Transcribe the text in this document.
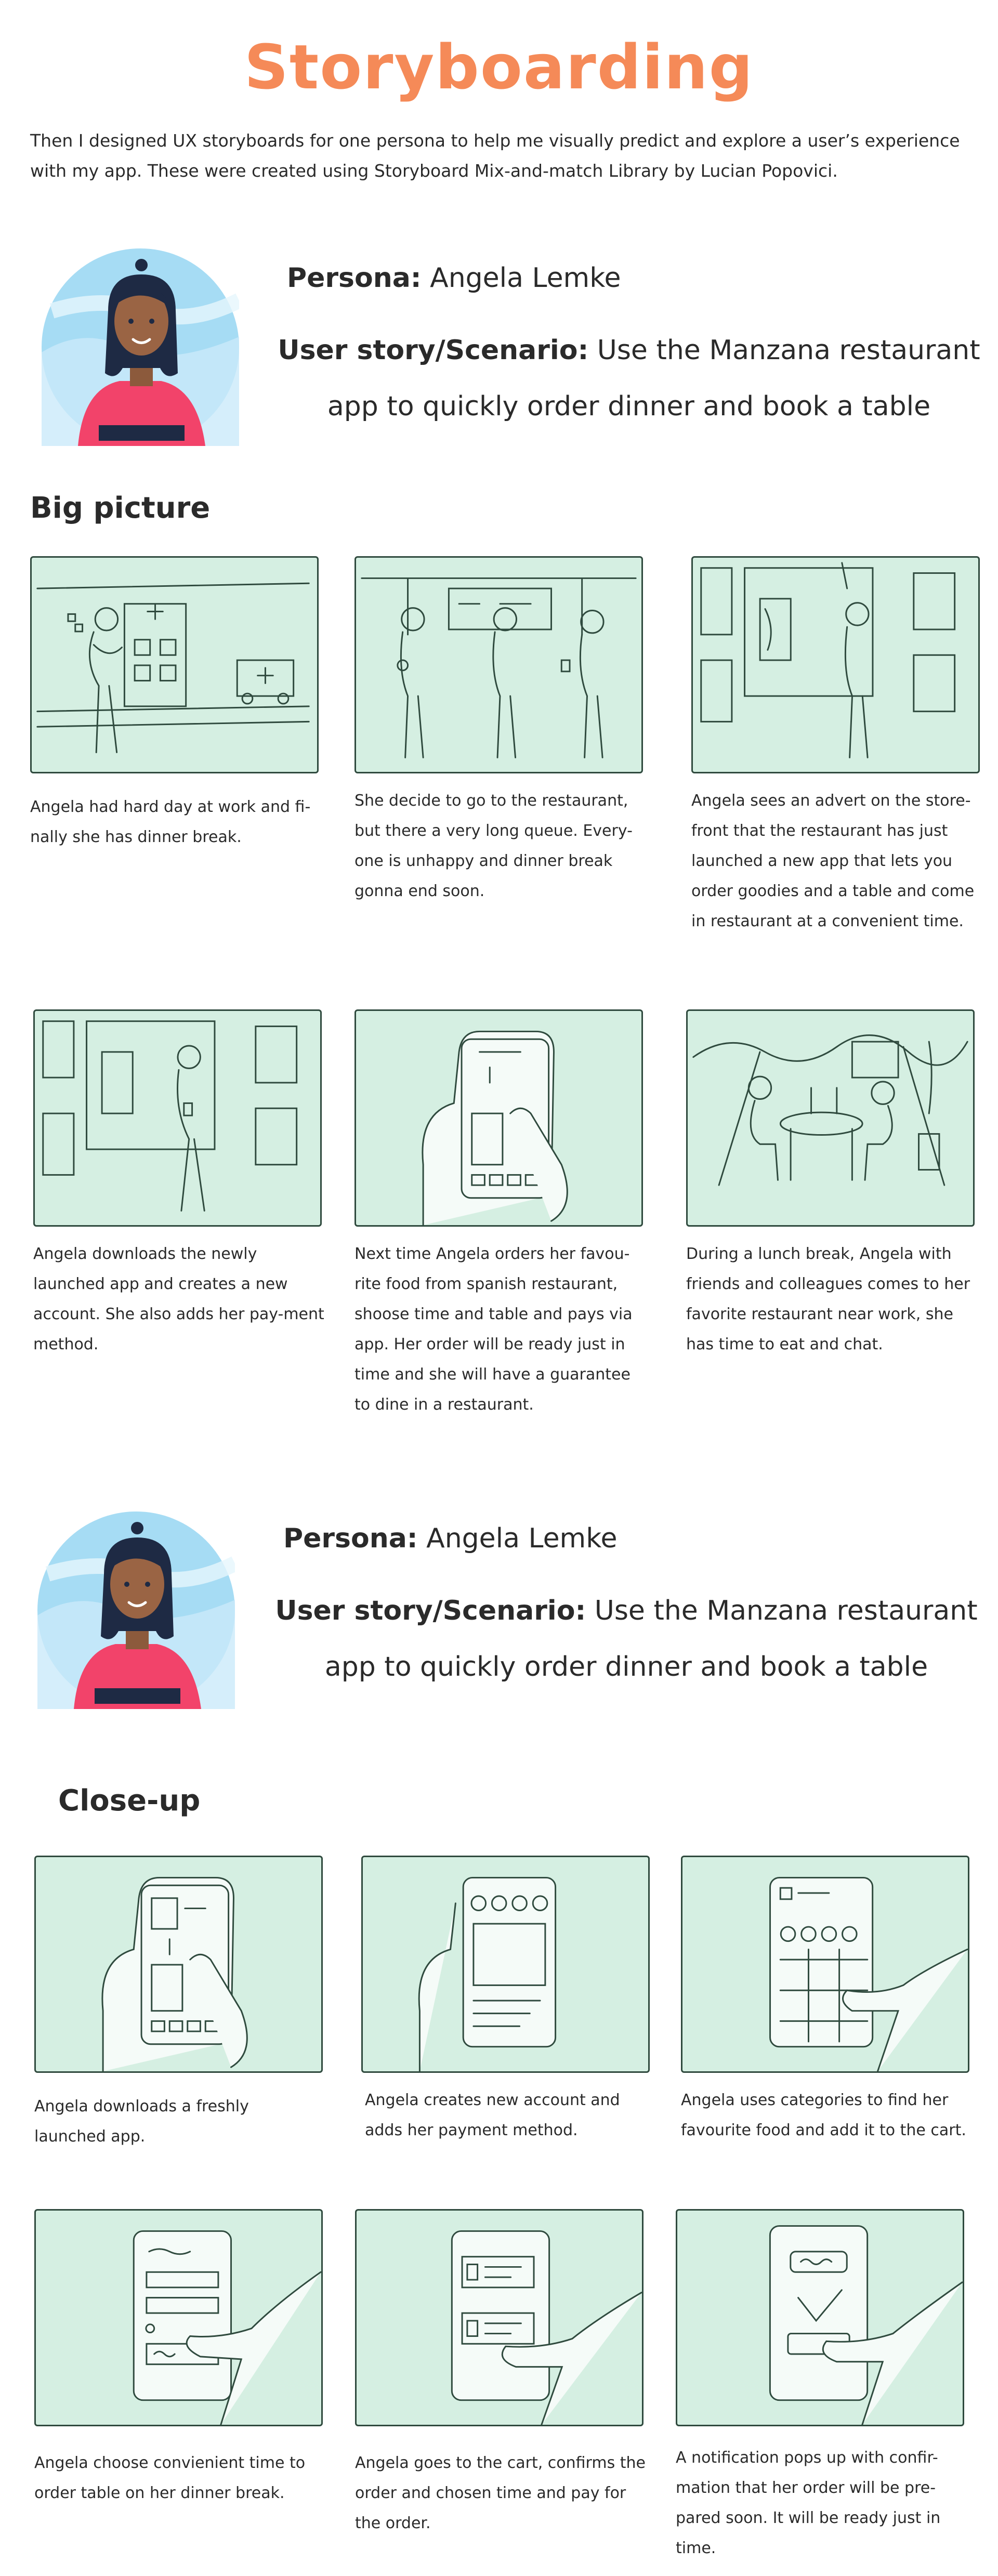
Storyboarding
Then I designed UX storyboards for one persona to help me visually predict and explore a user’s experience with my app. These were created using Storyboard Mix-and-match Library by Lucian Popovici.
Persona: Angela Lemke
User story/Scenario: Use the Manzana restaurant app to quickly order dinner and book a table
Big picture
Angela had hard day at work and fi-nally she has dinner break.
She decide to go to the restaurant, but there a very long queue. Every-one is unhappy and dinner break gonna end soon.
Angela sees an advert on the store-front that the restaurant has just launched a new app that lets you order goodies and a table and come in restaurant at a convenient time.
Angela downloads the newly launched app and creates a new account. She also adds her pay-ment method.
Next time Angela orders her favou-rite food from spanish restaurant, shoose time and table and pays via app. Her order will be ready just in time and she will have a guarantee to dine in a restaurant.
During a lunch break, Angela with friends and colleagues comes to her favorite restaurant near work, she has time to eat and chat.
Persona: Angela Lemke
User story/Scenario: Use the Manzana restaurant app to quickly order dinner and book a table
Close-up
Angela downloads a freshly launched app.
Angela creates new account and adds her payment method.
Angela uses categories to find her favourite food and add it to the cart.
Angela choose convienient time to order table on her dinner break.
Angela goes to the cart, confirms the order and chosen time and pay for the order.
A notification pops up with confir-mation that her order will be pre-pared soon. It will be ready just in time.
